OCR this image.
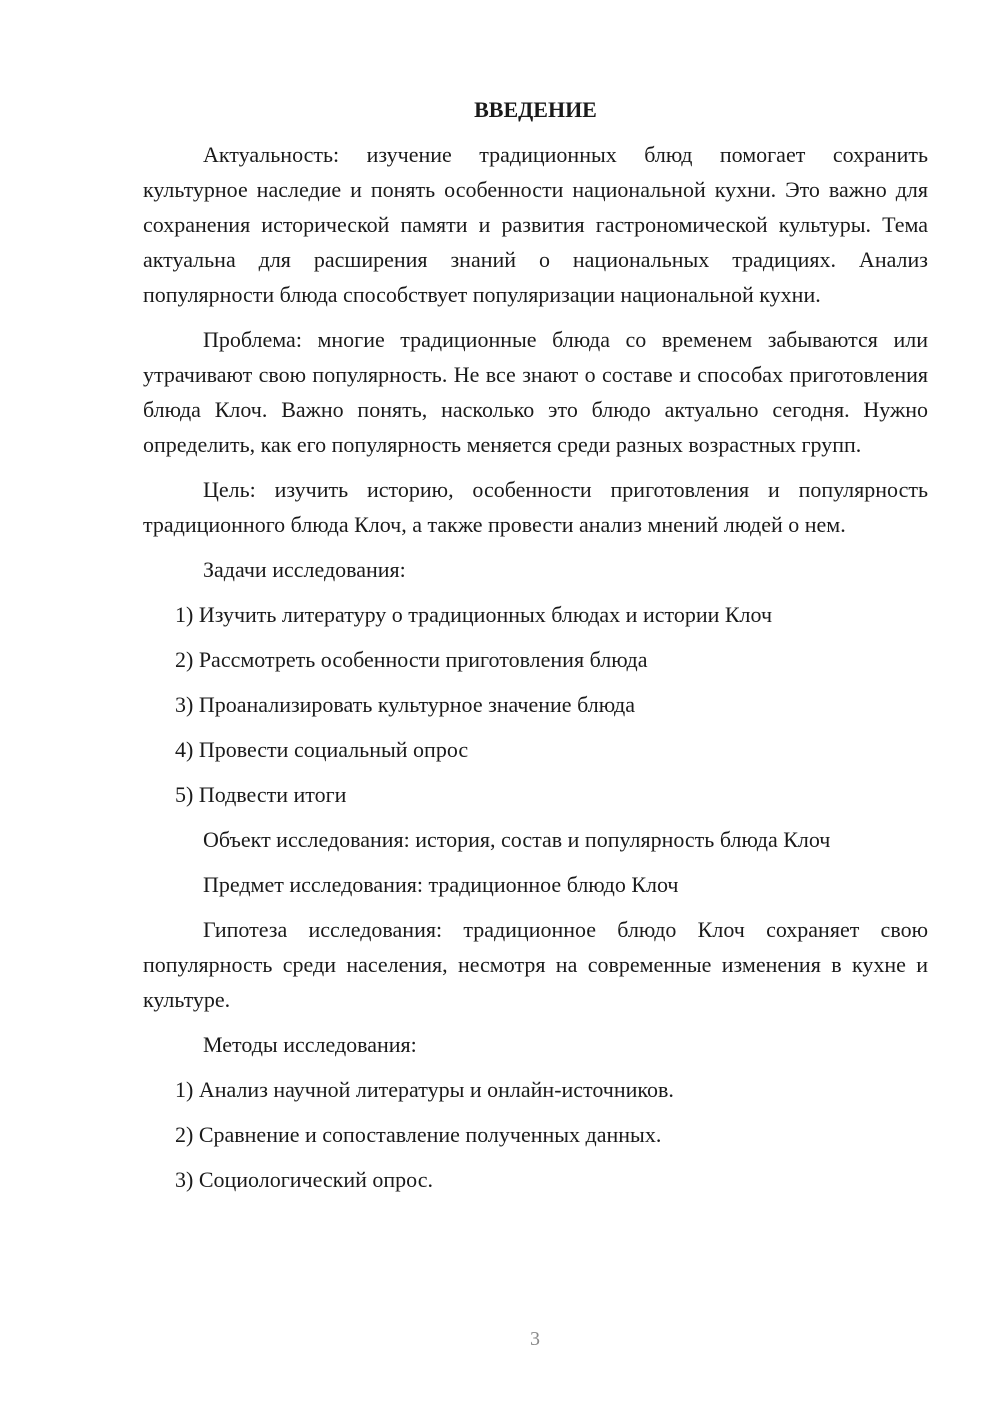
ВВЕДЕНИЕ

Актуальность: изучение традиционных блюд помогает сохранить культурное наследие и понять особенности национальной кухни. Это важно для сохранения исторической памяти и развития гастрономической культуры. Тема актуальна для расширения знаний о национальных традициях. Анализ популярности блюда способствует популяризации национальной кухни.

Проблема: многие традиционные блюда со временем забываются или утрачивают свою популярность. Не все знают о составе и способах приготовления блюда Клоч. Важно понять, насколько это блюдо актуально сегодня. Нужно определить, как его популярность меняется среди разных возрастных групп.

Цель: изучить историю, особенности приготовления и популярность традиционного блюда Клоч, а также провести анализ мнений людей о нем.

Задачи исследования:

1) Изучить литературу о традиционных блюдах и истории Клоч

2) Рассмотреть особенности приготовления блюда

3) Проанализировать культурное значение блюда

4) Провести социальный опрос

5) Подвести итоги

Объект исследования: история, состав и популярность блюда Клоч

Предмет исследования: традиционное блюдо Клоч

Гипотеза исследования: традиционное блюдо Клоч сохраняет свою популярность среди населения, несмотря на современные изменения в кухне и культуре.

Методы исследования:

1) Анализ научной литературы и онлайн-источников.

2) Сравнение и сопоставление полученных данных.

3) Социологический опрос.

3
